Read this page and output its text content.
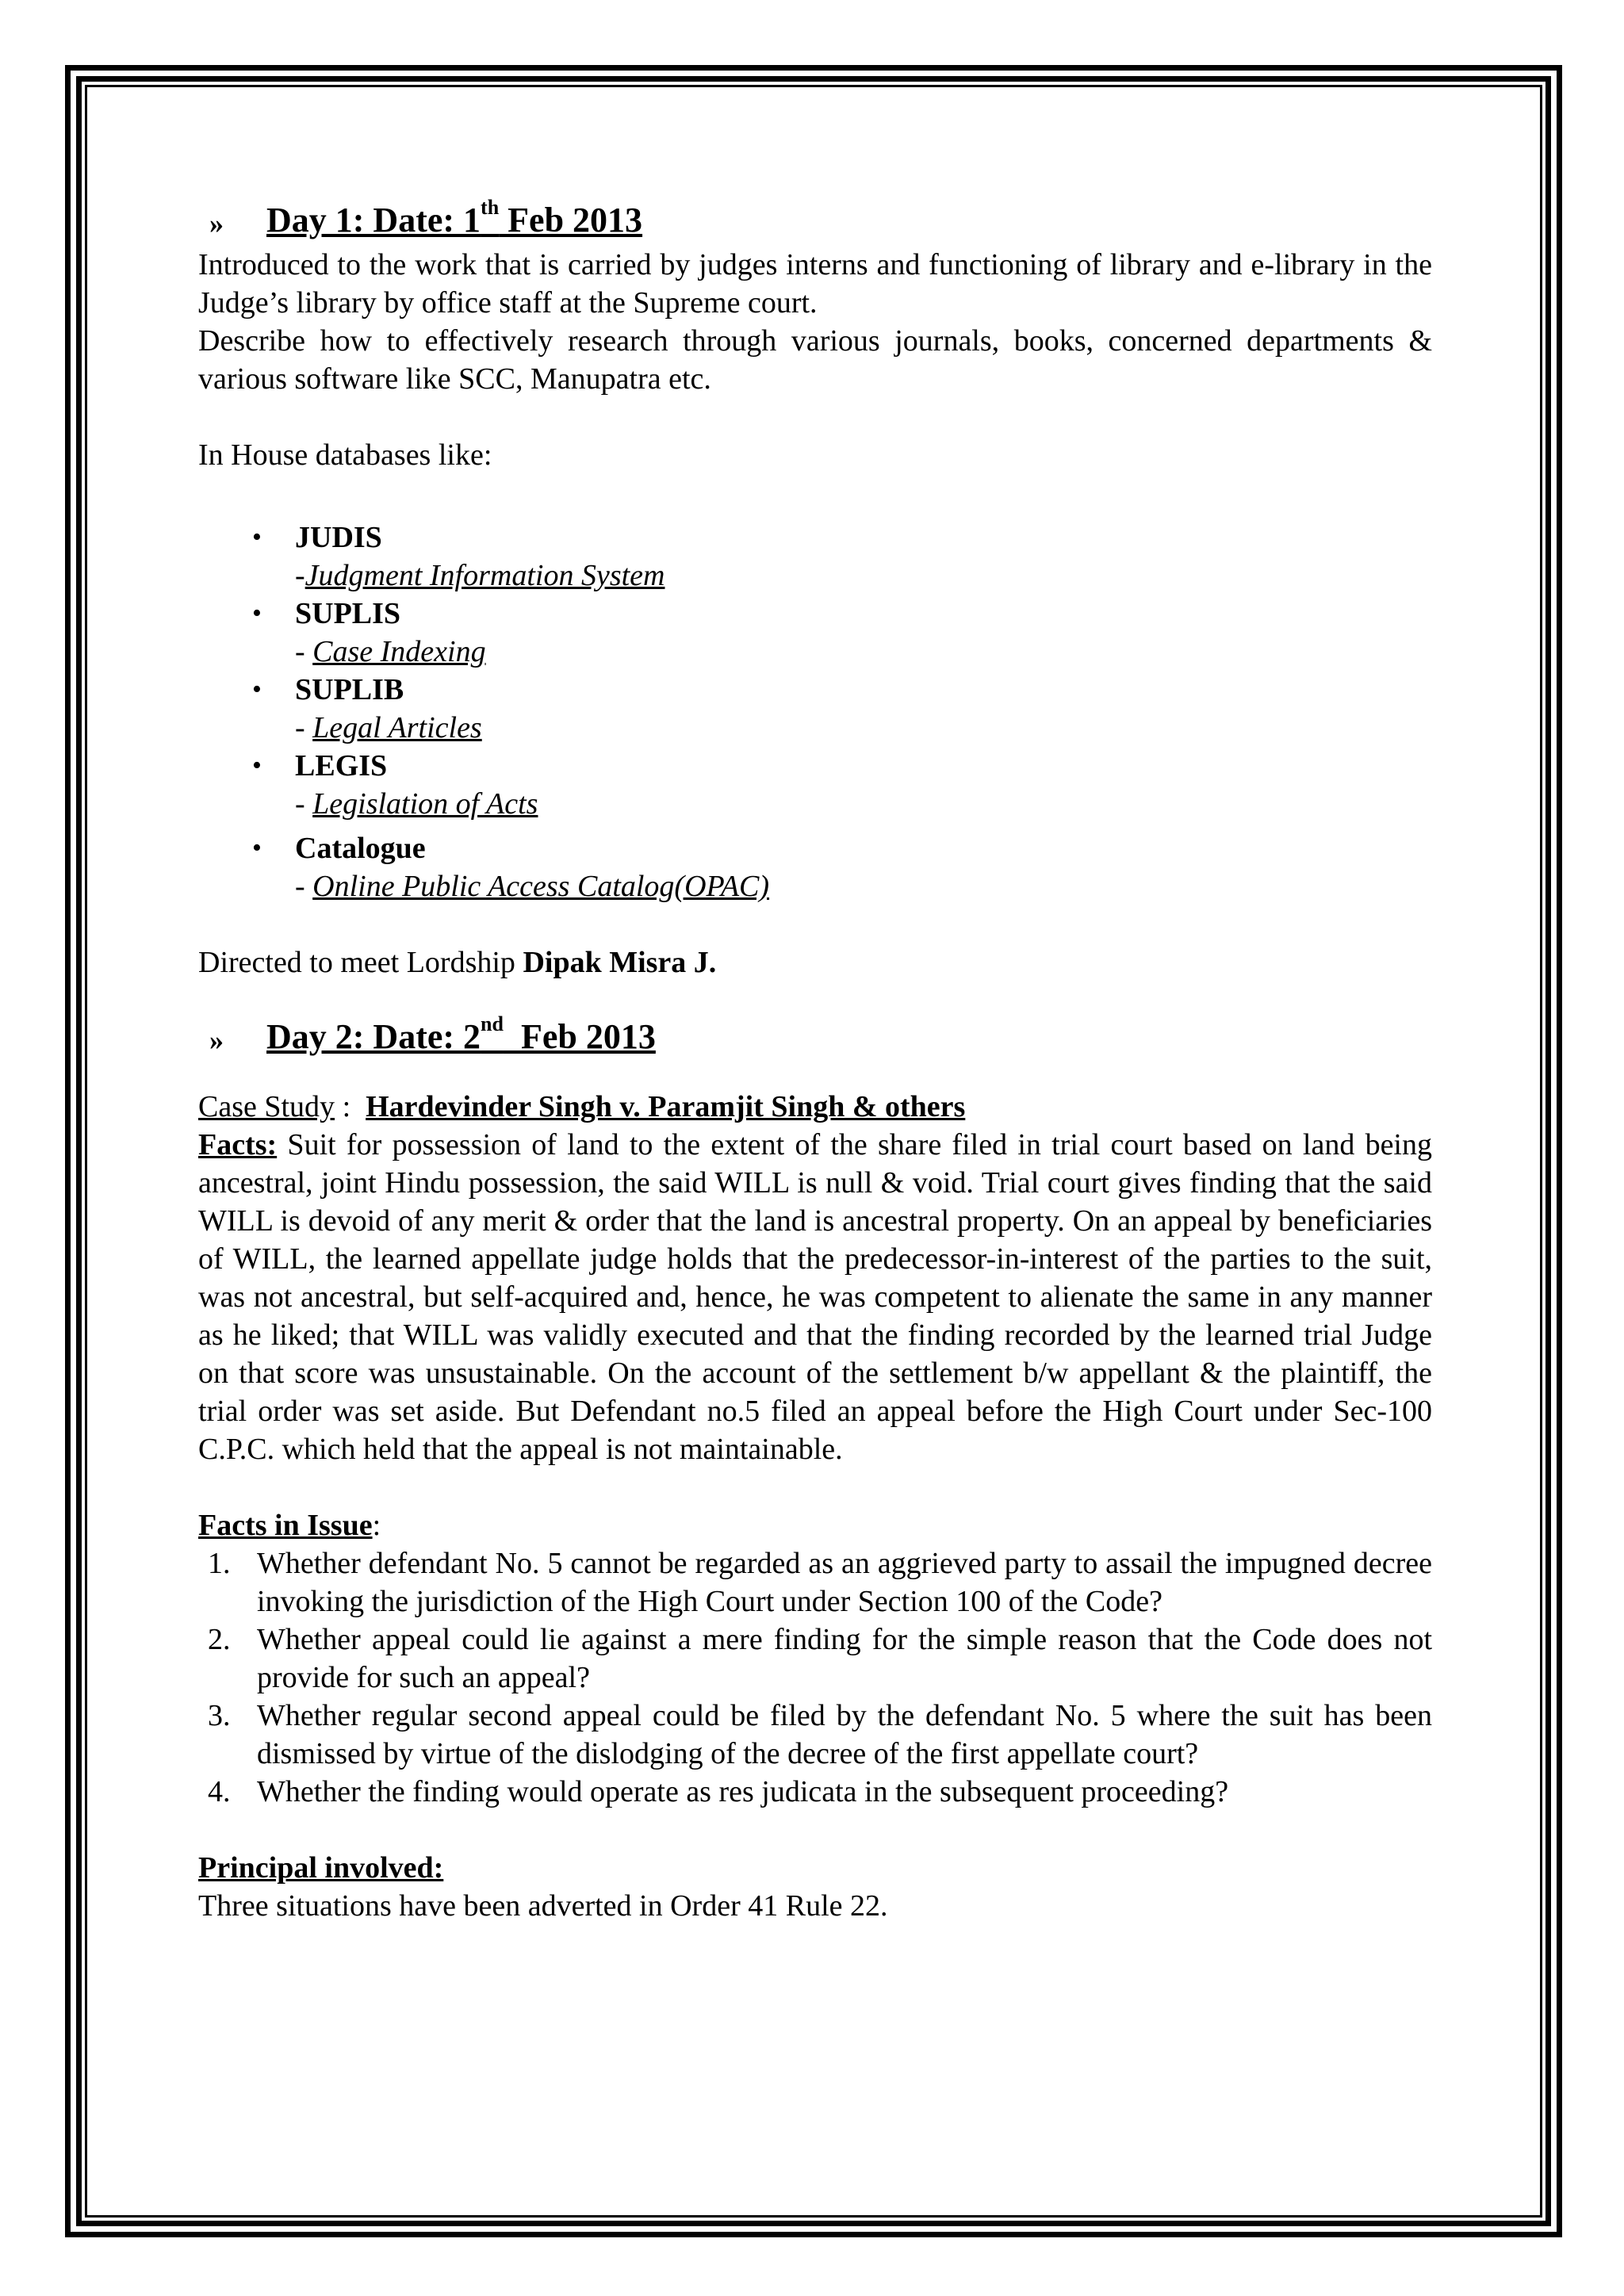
»	Day 1: Date: 1th Feb 2013

Introduced to the work that is carried by judges interns and functioning of library and e-library in the Judge’s library by office staff at the Supreme court.

Describe how to effectively research through various journals, books, concerned departments & various software like SCC, Manupatra etc.

In House databases like:

• JUDIS
-Judgment Information System
• SUPLIS
- Case Indexing
• SUPLIB
- Legal Articles
• LEGIS
- Legislation of Acts
• Catalogue
- Online Public Access Catalog(OPAC)

Directed to meet Lordship Dipak Misra J.

»	Day 2: Date: 2nd  Feb 2013

Case Study :  Hardevinder Singh v. Paramjit Singh & others

Facts: Suit for possession of land to the extent of the share filed in trial court based on land being ancestral, joint Hindu possession, the said WILL is null & void. Trial court gives finding that the said WILL is devoid of any merit & order that the land is ancestral property. On an appeal by beneficiaries of WILL, the learned appellate judge holds that the predecessor-in-interest of the parties to the suit, was not ancestral, but self-acquired and, hence, he was competent to alienate the same in any manner as he liked; that WILL was validly executed and that the finding recorded by the learned trial Judge on that score was unsustainable. On the account of the settlement b/w appellant & the plaintiff, the trial order was set aside. But Defendant no.5 filed an appeal before the High Court under Sec-100 C.P.C. which held that the appeal is not maintainable.

Facts in Issue:

1. Whether defendant No. 5 cannot be regarded as an aggrieved party to assail the impugned decree invoking the jurisdiction of the High Court under Section 100 of the Code?
2. Whether appeal could lie against a mere finding for the simple reason that the Code does not provide for such an appeal?
3. Whether regular second appeal could be filed by the defendant No. 5 where the suit has been dismissed by virtue of the dislodging of the decree of the first appellate court?
4. Whether the finding would operate as res judicata in the subsequent proceeding?

Principal involved:

Three situations have been adverted in Order 41 Rule 22.
